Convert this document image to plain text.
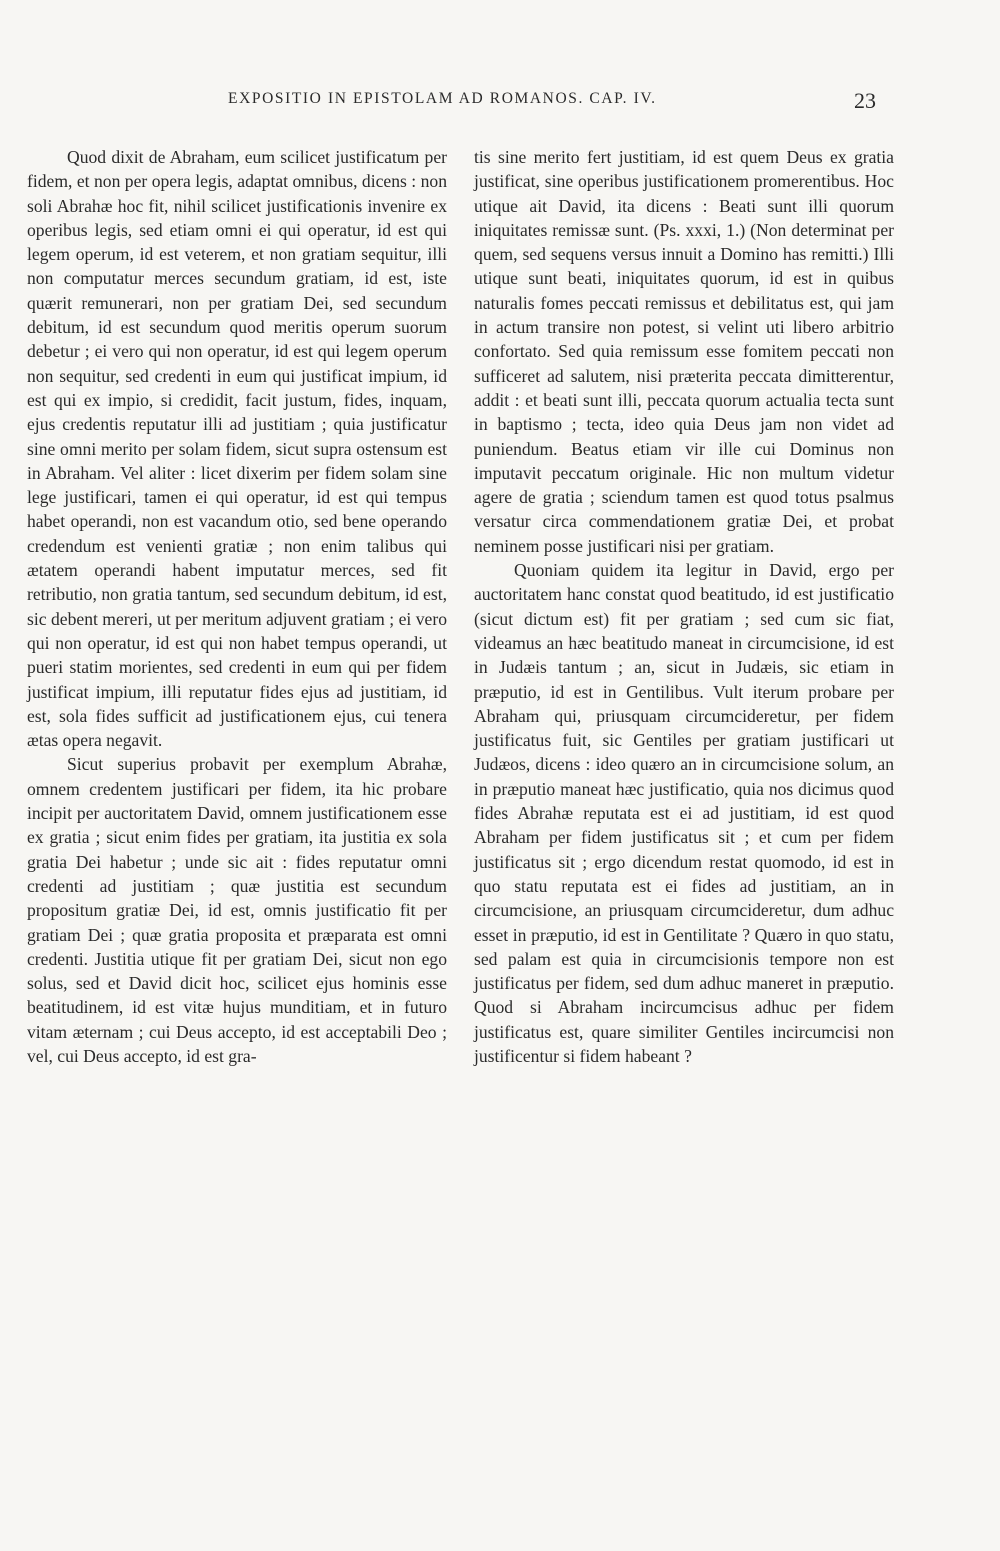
EXPOSITIO IN EPISTOLAM AD ROMANOS. CAP. IV.	23

Quod dixit de Abraham, eum scilicet justificatum per fidem, et non per opera legis, adaptat omnibus, dicens : non soli Abrahæ hoc fit, nihil scilicet justificationis invenire ex operibus legis, sed etiam omni ei qui operatur, id est qui legem operum, id est veterem, et non gratiam sequitur, illi non computatur merces secundum gratiam, id est, iste quærit remunerari, non per gratiam Dei, sed secundum debitum, id est secundum quod meritis operum suorum debetur ; ei vero qui non operatur, id est qui legem operum non sequitur, sed credenti in eum qui justificat impium, id est qui ex impio, si credidit, facit justum, fides, inquam, ejus credentis reputatur illi ad justitiam ; quia justificatur sine omni merito per solam fidem, sicut supra ostensum est in Abraham. Vel aliter : licet dixerim per fidem solam sine lege justificari, tamen ei qui operatur, id est qui tempus habet operandi, non est vacandum otio, sed bene operando credendum est venienti gratiæ ; non enim talibus qui ætatem operandi habent imputatur merces, sed fit retributio, non gratia tantum, sed secundum debitum, id est, sic debent mereri, ut per meritum adjuvent gratiam ; ei vero qui non operatur, id est qui non habet tempus operandi, ut pueri statim morientes, sed credenti in eum qui per fidem justificat impium, illi reputatur fides ejus ad justitiam, id est, sola fides sufficit ad justificationem ejus, cui tenera ætas opera negavit.

Sicut superius probavit per exemplum Abrahæ, omnem credentem justificari per fidem, ita hic probare incipit per auctoritatem David, omnem justificationem esse ex gratia ; sicut enim fides per gratiam, ita justitia ex sola gratia Dei habetur ; unde sic ait : fides reputatur omni credenti ad justitiam ; quæ justitia est secundum propositum gratiæ Dei, id est, omnis justificatio fit per gratiam Dei ; quæ gratia proposita et præparata est omni credenti. Justitia utique fit per gratiam Dei, sicut non ego solus, sed et David dicit hoc, scilicet ejus hominis esse beatitudinem, id est vitæ hujus munditiam, et in futuro vitam æternam ; cui Deus accepto, id est acceptabili Deo ; vel, cui Deus accepto, id est gra-

tis sine merito fert justitiam, id est quem Deus ex gratia justificat, sine operibus justificationem promerentibus. Hoc utique ait David, ita dicens : Beati sunt illi quorum iniquitates remissæ sunt. (Ps. xxxi, 1.) (Non determinat per quem, sed sequens versus innuit a Domino has remitti.) Illi utique sunt beati, iniquitates quorum, id est in quibus naturalis fomes peccati remissus et debilitatus est, qui jam in actum transire non potest, si velint uti libero arbitrio confortato. Sed quia remissum esse fomitem peccati non sufficeret ad salutem, nisi præterita peccata dimitterentur, addit : et beati sunt illi, peccata quorum actualia tecta sunt in baptismo ; tecta, ideo quia Deus jam non videt ad puniendum. Beatus etiam vir ille cui Dominus non imputavit peccatum originale. Hic non multum videtur agere de gratia ; sciendum tamen est quod totus psalmus versatur circa commendationem gratiæ Dei, et probat neminem posse justificari nisi per gratiam.

Quoniam quidem ita legitur in David, ergo per auctoritatem hanc constat quod beatitudo, id est justificatio (sicut dictum est) fit per gratiam ; sed cum sic fiat, videamus an hæc beatitudo maneat in circumcisione, id est in Judæis tantum ; an, sicut in Judæis, sic etiam in præputio, id est in Gentilibus. Vult iterum probare per Abraham qui, priusquam circumcideretur, per fidem justificatus fuit, sic Gentiles per gratiam justificari ut Judæos, dicens : ideo quæro an in circumcisione solum, an in præputio maneat hæc justificatio, quia nos dicimus quod fides Abrahæ reputata est ei ad justitiam, id est quod Abraham per fidem justificatus sit ; et cum per fidem justificatus sit ; ergo dicendum restat quomodo, id est in quo statu reputata est ei fides ad justitiam, an in circumcisione, an priusquam circumcideretur, dum adhuc esset in præputio, id est in Gentilitate ? Quæro in quo statu, sed palam est quia in circumcisionis tempore non est justificatus per fidem, sed dum adhuc maneret in præputio. Quod si Abraham incircumcisus adhuc per fidem justificatus est, quare similiter Gentiles incircumcisi non justificentur si fidem habeant ?
